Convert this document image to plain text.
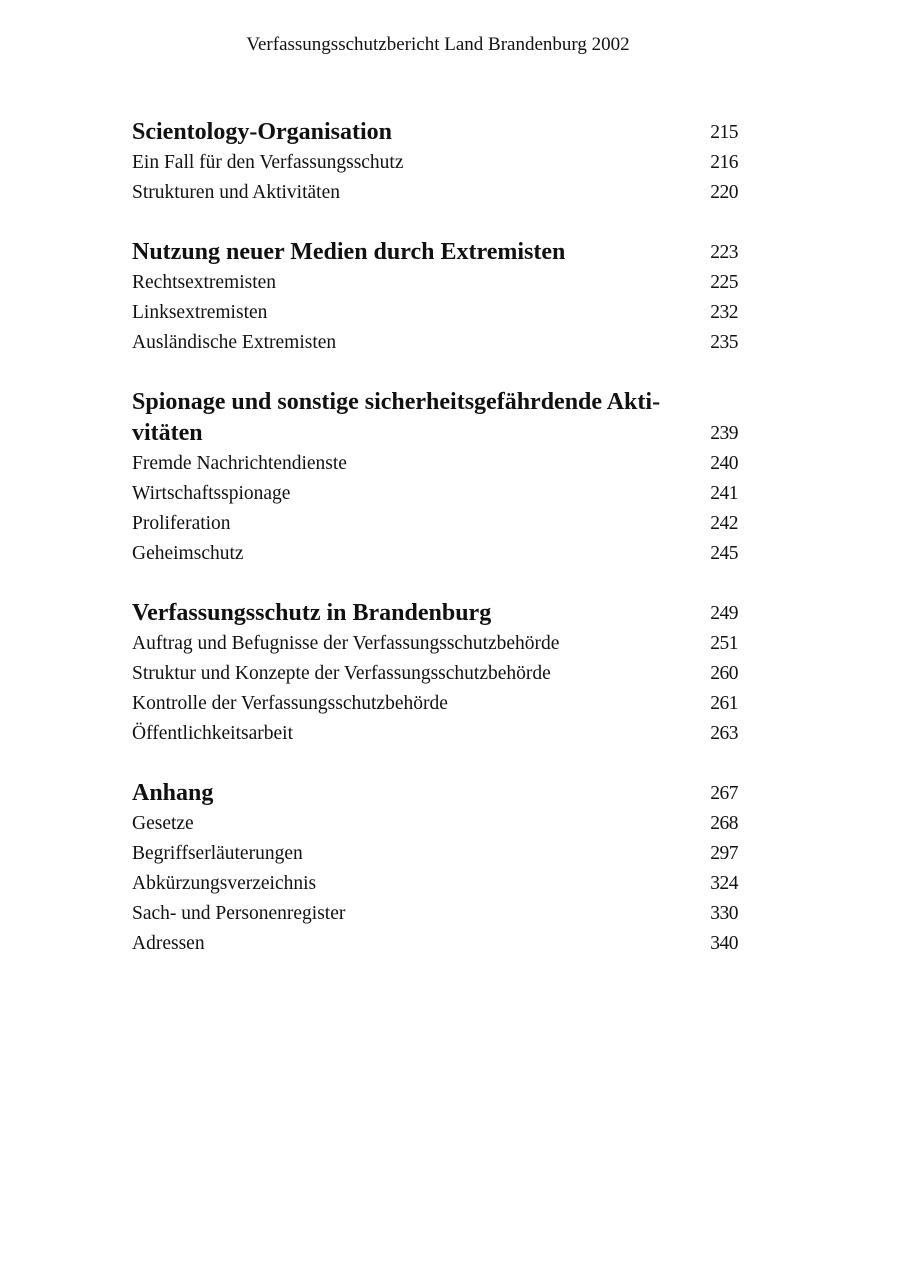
Verfassungsschutzbericht Land Brandenburg 2002
Scientology-Organisation	215
Ein Fall für den Verfassungsschutz	216
Strukturen und Aktivitäten	220
Nutzung neuer Medien durch Extremisten	223
Rechtsextremisten	225
Linksextremisten	232
Ausländische Extremisten	235
Spionage und sonstige sicherheitsgefährdende Akti-
vitäten	239
Fremde Nachrichtendienste	240
Wirtschaftsspionage	241
Proliferation	242
Geheimschutz	245
Verfassungsschutz in Brandenburg	249
Auftrag und Befugnisse der Verfassungsschutzbehörde	251
Struktur und Konzepte der Verfassungsschutzbehörde	260
Kontrolle der Verfassungsschutzbehörde	261
Öffentlichkeitsarbeit	263
Anhang	267
Gesetze	268
Begriffserläuterungen	297
Abkürzungsverzeichnis	324
Sach- und Personenregister	330
Adressen	340
